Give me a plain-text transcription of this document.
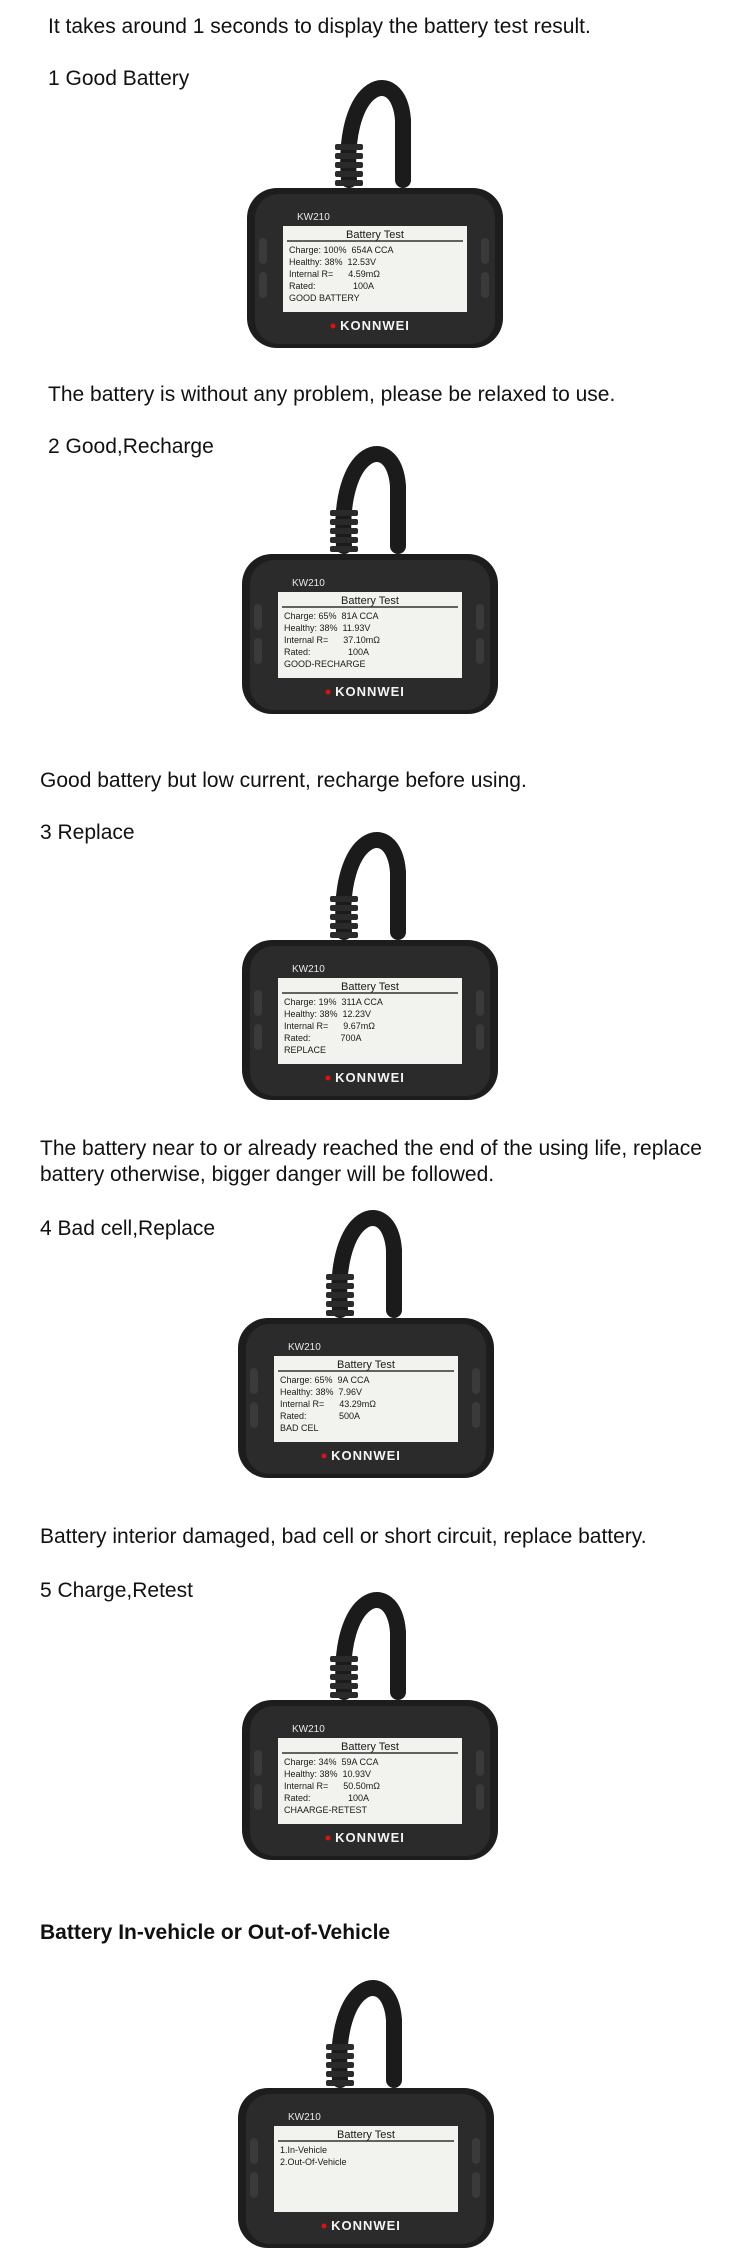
It takes around 1 seconds to display the battery test result.
1 Good Battery
KW210
Battery Test
Charge: 100%  654A CCA
Healthy: 38%  12.53V
Internal R=      4.59mΩ
Rated:               100A
GOOD BATTERY
KONNWEI
The battery is without any problem, please be relaxed to use.
2 Good,Recharge
KW210
Battery Test
Charge: 65%  81A CCA
Healthy: 38%  11.93V
Internal R=      37.10mΩ
Rated:               100A
GOOD-RECHARGE
KONNWEI
Good battery but low current, recharge before using.
3 Replace
KW210
Battery Test
Charge: 19%  311A CCA
Healthy: 38%  12.23V
Internal R=      9.67mΩ
Rated:            700A
REPLACE
KONNWEI
The battery near to or already reached the end of the using life, replace
battery otherwise, bigger danger will be followed.
4 Bad cell,Replace
KW210
Battery Test
Charge: 65%  9A CCA
Healthy: 38%  7.96V
Internal R=      43.29mΩ
Rated:             500A
BAD CEL
KONNWEI
Battery interior damaged, bad cell or short circuit, replace battery.
5 Charge,Retest
KW210
Battery Test
Charge: 34%  59A CCA
Healthy: 38%  10.93V
Internal R=      50.50mΩ
Rated:               100A
CHAARGE-RETEST
KONNWEI
Battery In-vehicle or Out-of-Vehicle
KW210
Battery Test
1.In-Vehicle
2.Out-Of-Vehicle
KONNWEI
